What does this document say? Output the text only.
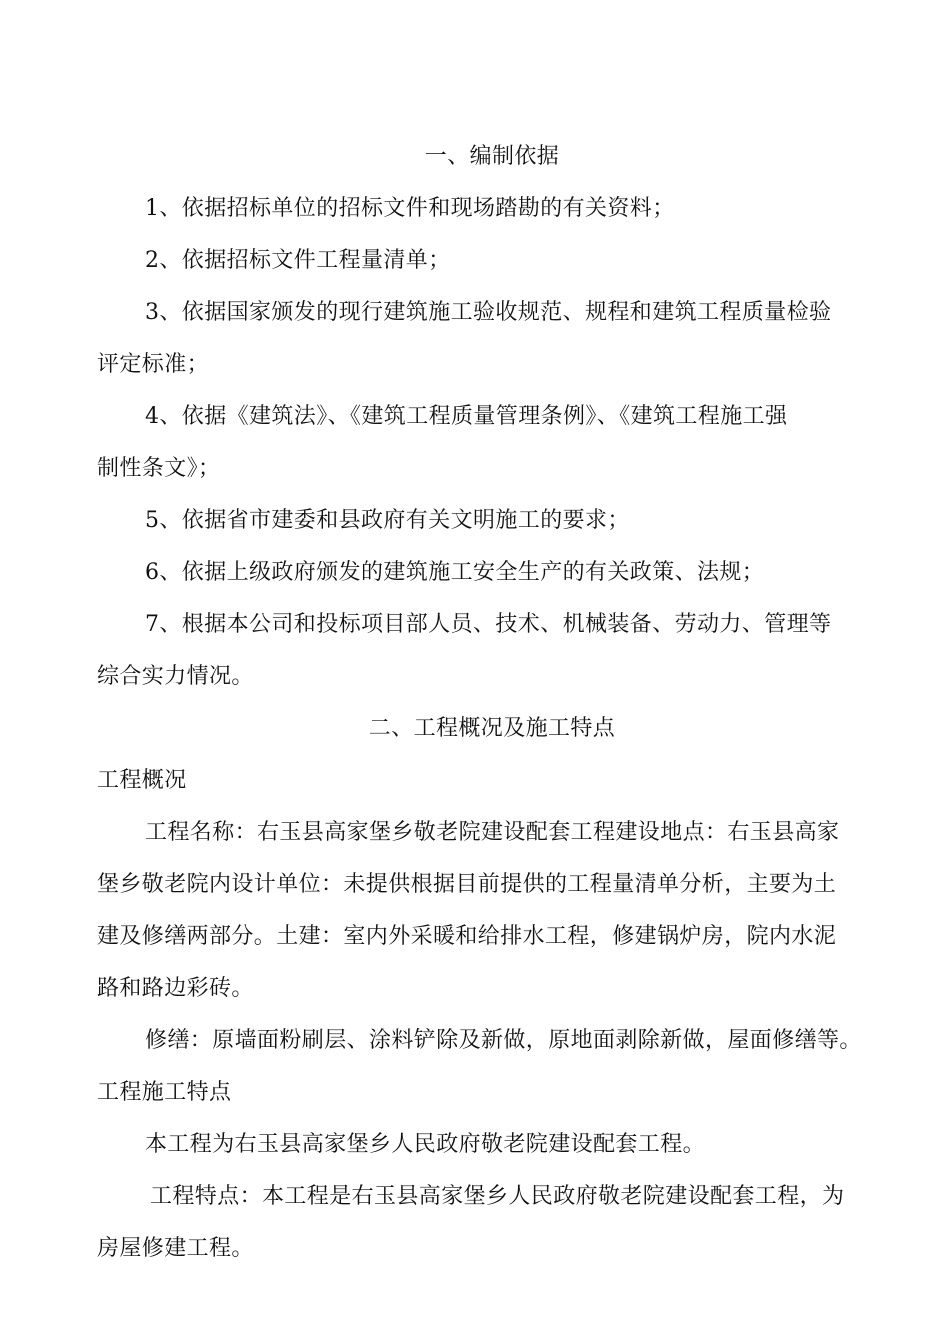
一、编制依据
1、依据招标单位的招标文件和现场踏勘的有关资料；
2、依据招标文件工程量清单；
3、依据国家颁发的现行建筑施工验收规范、规程和建筑工程质量检验
评定标准；
4、依据《建筑法》、《建筑工程质量管理条例》、《建筑工程施工强
制性条文》；
5、依据省市建委和县政府有关文明施工的要求；
6、依据上级政府颁发的建筑施工安全生产的有关政策、法规；
7、根据本公司和投标项目部人员、技术、机械装备、劳动力、管理等
综合实力情况。
二、工程概况及施工特点
工程概况
工程名称：右玉县高家堡乡敬老院建设配套工程建设地点：右玉县高家
堡乡敬老院内设计单位：未提供根据目前提供的工程量清单分析，主要为土
建及修缮两部分。土建：室内外采暖和给排水工程，修建锅炉房，院内水泥
路和路边彩砖。
修缮：原墙面粉刷层、涂料铲除及新做，原地面剥除新做，屋面修缮等。
工程施工特点
本工程为右玉县高家堡乡人民政府敬老院建设配套工程。
工程特点：本工程是右玉县高家堡乡人民政府敬老院建设配套工程，为
房屋修建工程。
